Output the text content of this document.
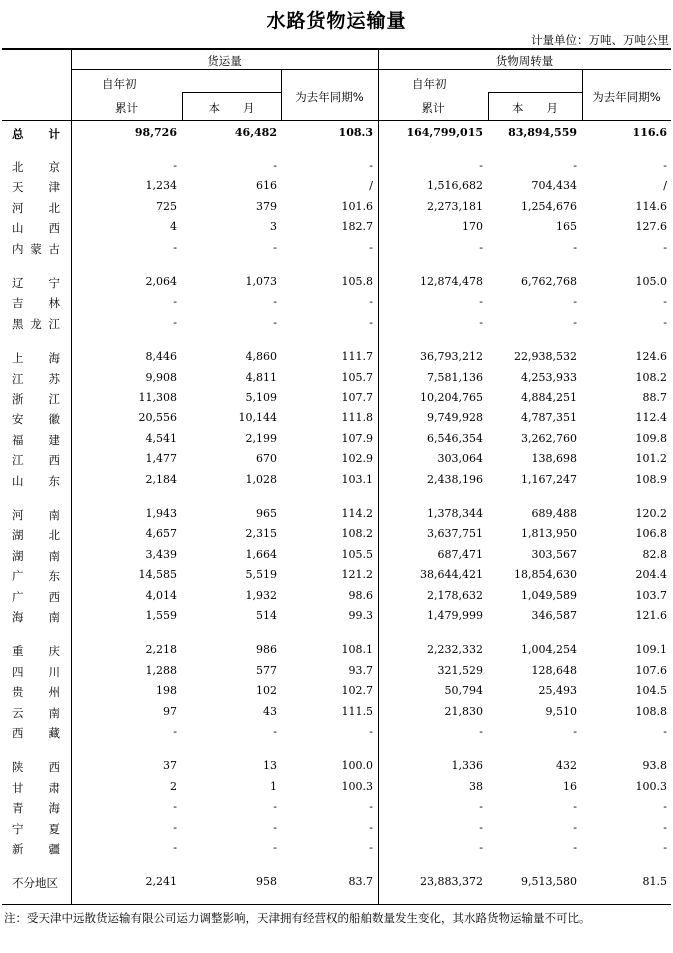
水路货物运输量
计量单位：万吨、万吨公里
货运量	货物周转量
自年初
累计	本　　月
为去年同期%
自年初
累计	本　　月
为去年同期%
总　计	98,726	46,482	108.3	164,799,015 83,894,559	116.6
北京	-	-	-	-	-	-
天津	1,234	616	/	1,516,682	704,434	/
河北	725	379	101.6	2,273,181	1,254,676	114.6
山西	4	3	182.7	170	165	127.6
内蒙古	-	-	-	-	-	-
辽宁	2,064	1,073	105.8	12,874,478	6,762,768	105.0
吉林	-	-	-	-	-	-
黑龙江	-	-	-	-	-	-
上海	8,446	4,860	111.7	36,793,212	22,938,532	124.6
江苏	9,908	4,811	105.7	7,581,136	4,253,933	108.2
浙江	11,308	5,109	107.7	10,204,765	4,884,251	88.7
安徽	20,556	10,144	111.8	9,749,928	4,787,351	112.4
福建	4,541	2,199	107.9	6,546,354	3,262,760	109.8
江西	1,477	670	102.9	303,064	138,698	101.2
山东	2,184	1,028	103.1	2,438,196	1,167,247	108.9
河南	1,943	965	114.2	1,378,344	689,488	120.2
湖北	4,657	2,315	108.2	3,637,751	1,813,950	106.8
湖南	3,439	1,664	105.5	687,471	303,567	82.8
广东	14,585	5,519	121.2	38,644,421	18,854,630	204.4
广西	4,014	1,932	98.6	2,178,632	1,049,589	103.7
海南	1,559	514	99.3	1,479,999	346,587	121.6
重庆	2,218	986	108.1	2,232,332	1,004,254	109.1
四川	1,288	577	93.7	321,529	128,648	107.6
贵州	198	102	102.7	50,794	25,493	104.5
云南	97	43	111.5	21,830	9,510	108.8
西藏	-	-	-	-	-	-
陕西	37	13	100.0	1,336	432	93.8
甘肃	2	1	100.3	38	16	100.3
青海	-	-	-	-	-	-
宁夏	-	-	-	-	-	-
新疆	-	-	-	-	-	-
不分地区	2,241	958	83.7	23,883,372	9,513,580	81.5
注：受天津中远散货运输有限公司运力调整影响，天津拥有经营权的船舶数量发生变化，其水路货物运输量不可比。
